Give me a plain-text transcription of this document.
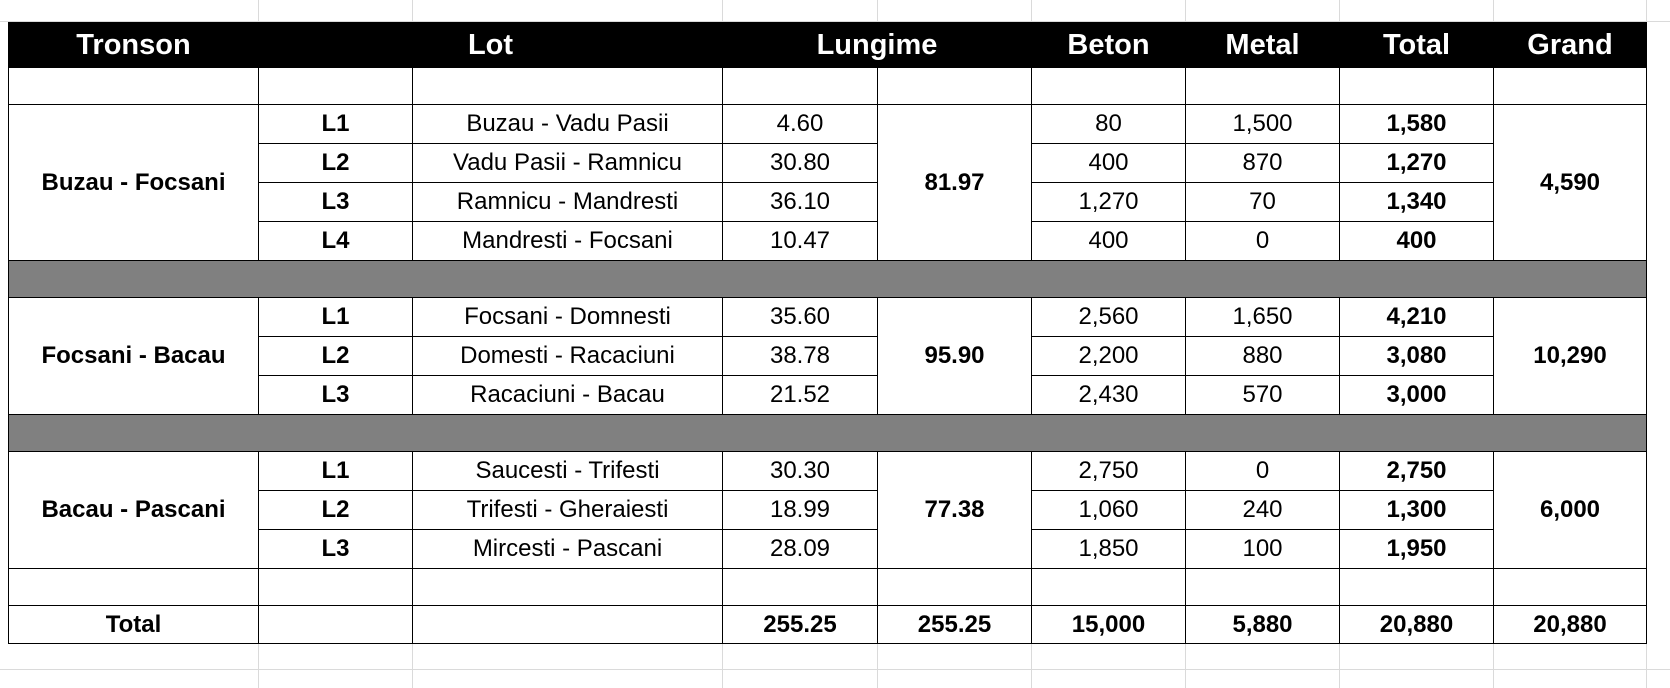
Tronson	Lot		Lungime		Beton	Metal	Total	Grand

Buzau - Focsani	L1	Buzau - Vadu Pasii	4.60	81.97	80	1,500	1,580	4,590
	L2	Vadu Pasii - Ramnicu	30.80		400	870	1,270	
	L3	Ramnicu - Mandresti	36.10		1,270	70	1,340	
	L4	Mandresti - Focsani	10.47		400	0	400	

Focsani - Bacau	L1	Focsani - Domnesti	35.60	95.90	2,560	1,650	4,210	10,290
	L2	Domesti - Racaciuni	38.78		2,200	880	3,080	
	L3	Racaciuni - Bacau	21.52		2,430	570	3,000	

Bacau - Pascani	L1	Saucesti - Trifesti	30.30	77.38	2,750	0	2,750	6,000
	L2	Trifesti - Gheraiesti	18.99		1,060	240	1,300	
	L3	Mircesti - Pascani	28.09		1,850	100	1,950	

Total			255.25	255.25	15,000	5,880	20,880	20,880
